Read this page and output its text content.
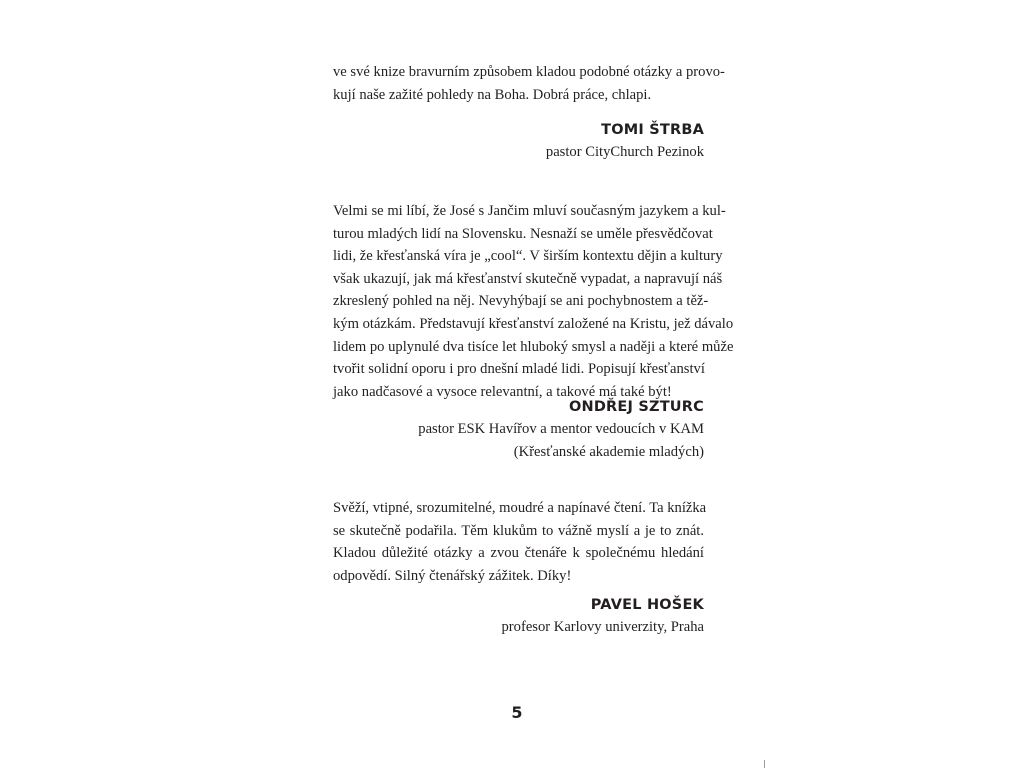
ve své knize bravurním způsobem kladou podobné otázky a provo-
kují naše zažité pohledy na Boha. Dobrá práce, chlapi.

TOMI ŠTRBA
pastor CityChurch Pezinok

Velmi se mi líbí, že José s Jančim mluví současným jazykem a kul-
turou mladých lidí na Slovensku. Nesnaží se uměle přesvědčovat
lidi, že křesťanská víra je „cool“. V širším kontextu dějin a kultury
však ukazují, jak má křesťanství skutečně vypadat, a napravují náš
zkreslený pohled na něj. Nevyhýbají se ani pochybnostem a těž-
kým otázkám. Představují křesťanství založené na Kristu, jež dávalo
lidem po uplynulé dva tisíce let hluboký smysl a naději a které může
tvořit solidní oporu i pro dnešní mladé lidi. Popisují křesťanství
jako nadčasové a vysoce relevantní, a takové má také být!

ONDŘEJ SZTURC
pastor ESK Havířov a mentor vedoucích v KAM
(Křesťanské akademie mladých)

Svěží, vtipné, srozumitelné, moudré a napínavé čtení. Ta knížka
se skutečně podařila. Těm klukům to vážně myslí a je to znát.
Kladou důležité otázky a zvou čtenáře k společnému hledání
odpovědí. Silný čtenářský zážitek. Díky!

PAVEL HOŠEK
profesor Karlovy univerzity, Praha
5
